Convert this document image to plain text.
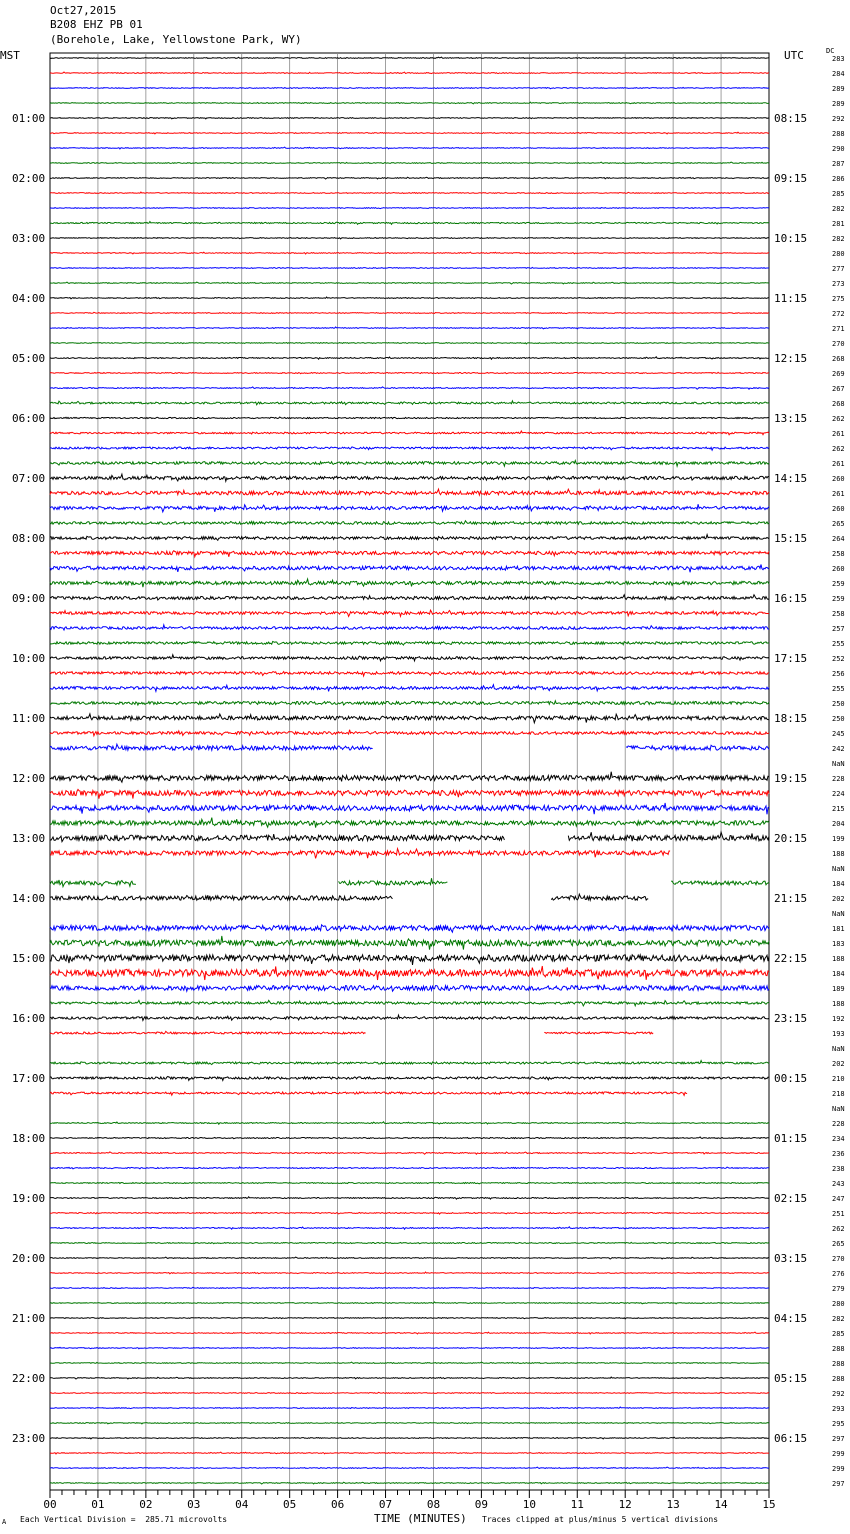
Oct27,2015
B208 EHZ PB 01
(Borehole, Lake, Yellowstone Park, WY)
MST	UTC	DC
283
284
289
289
292
288
290
287
286
285
282
281
282
280
277
273
275
272
271
270
268
269
267
268
262
261
262
261
260
261
260
265
264
258
260
259
259
258
257
255
252
256
255
250
250
245
242
NaN
228
224
215
204
199
188
NaN
184
202
NaN
181
183
188
184
189
188
192
193
NaN
202
210
218
NaN
228
234
236
238
243
247
251
262
265
270
276
279
280
282
285
288
288
288
292
293
295
297
299
299
297
01:00
02:00
03:00
04:00
05:00
06:00
07:00
08:00
09:00
10:00
11:00
12:00
13:00
14:00
15:00
16:00
17:00
18:00
19:00
20:00
21:00
22:00
23:00
08:15
09:15
10:15
11:15
12:15
13:15
14:15
15:15
16:15
17:15
18:15
19:15
20:15
21:15
22:15
23:15
00:15
01:15
02:15
03:15
04:15
05:15
06:15
00	01	02	03	04	05	06	07	08	09	10	11	12	13	14	15
TIME (MINUTES)
A Each Vertical Division =  285.71 microvolts	Traces clipped at plus/minus 5 vertical divisions
